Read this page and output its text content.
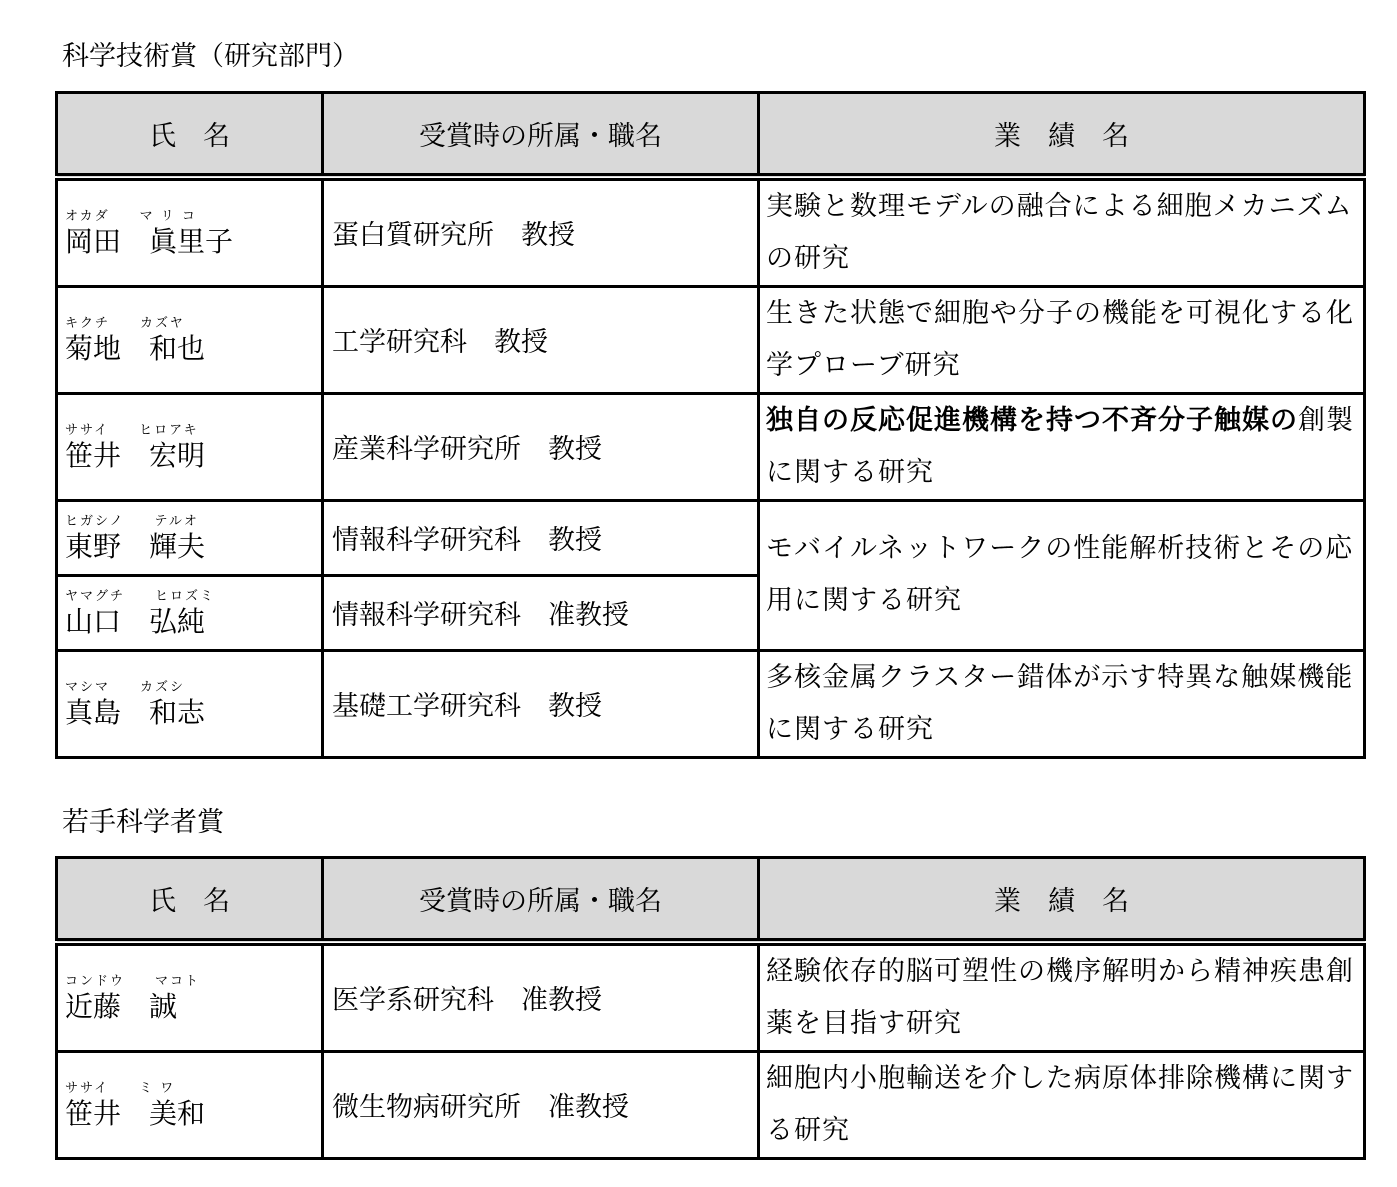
科学技術賞（研究部門）
氏　名	受賞時の所属・職名	業　績　名

オカダ　　マ リ コ
岡田　眞里子	蛋白質研究所　教授	実験と数理モデルの融合による細胞メカニズムの研究

キクチ　　カズヤ
菊地　和也	工学研究科　教授	生きた状態で細胞や分子の機能を可視化する化学プローブ研究

ササイ　　ヒロアキ
笹井　宏明	産業科学研究所　教授	独自の反応促進機構を持つ不斉分子触媒の創製に関する研究

ヒガシノ　　テルオ
東野　輝夫	情報科学研究科　教授	モバイルネットワークの性能解析技術とその応用に関する研究

ヤマグチ　　ヒロズミ
山口　弘純	情報科学研究科　准教授	

マシマ　　カズシ
真島　和志	基礎工学研究科　教授	多核金属クラスター錯体が示す特異な触媒機能に関する研究
若手科学者賞
氏　名	受賞時の所属・職名	業　績　名

コンドウ　　マコト
近藤　誠	医学系研究科　准教授	経験依存的脳可塑性の機序解明から精神疾患創薬を目指す研究

ササイ　　ミ ワ
笹井　美和	微生物病研究所　准教授	細胞内小胞輸送を介した病原体排除機構に関する研究
